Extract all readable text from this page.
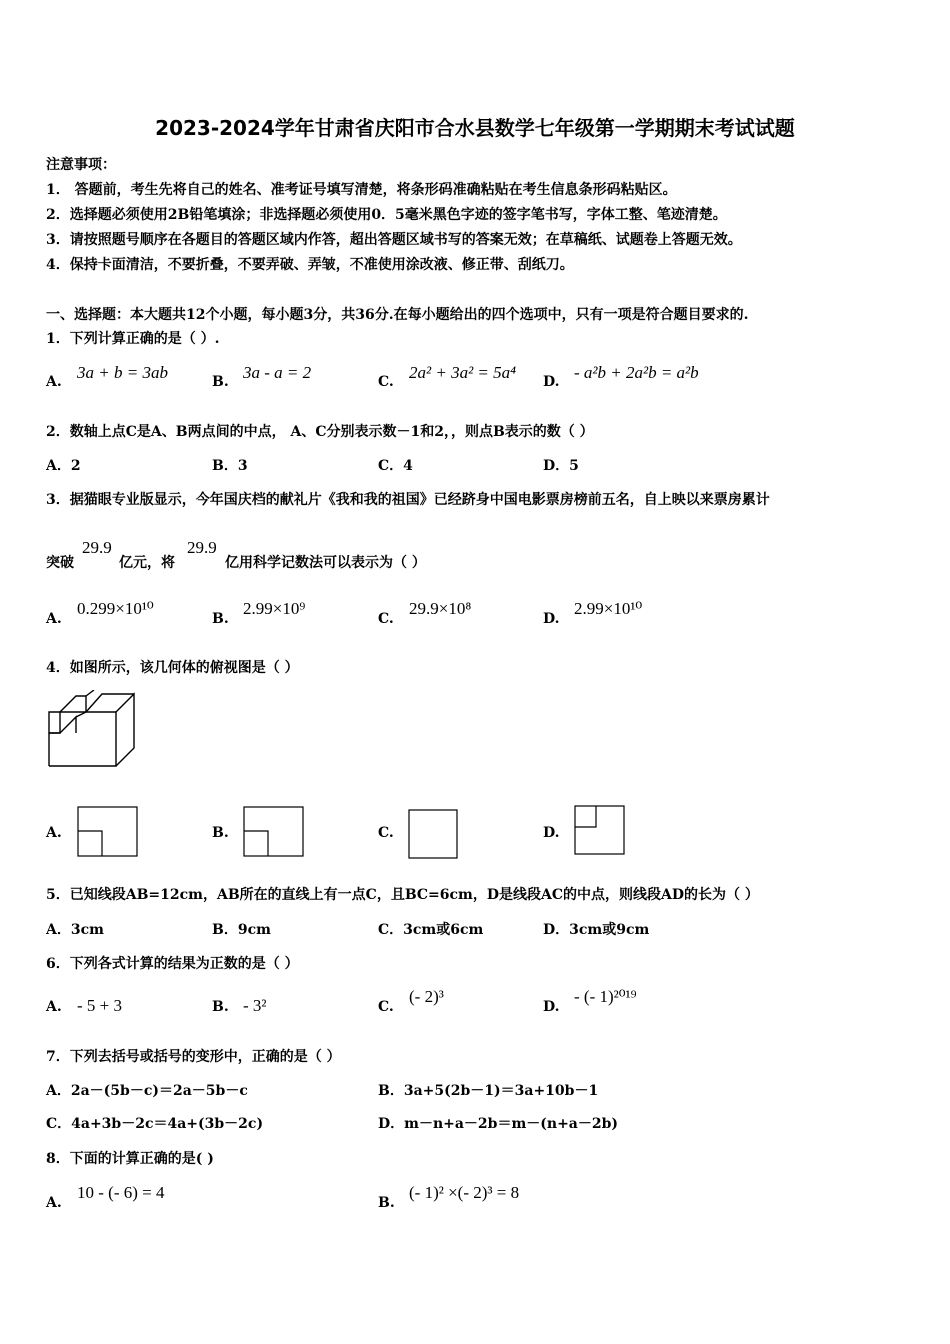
2023-2024学年甘肃省庆阳市合水县数学七年级第一学期期末考试试题
注意事项：
1． 答题前，考生先将自己的姓名、准考证号填写清楚，将条形码准确粘贴在考生信息条形码粘贴区。
2．选择题必须使用2B铅笔填涂；非选择题必须使用0．5毫米黑色字迹的签字笔书写，字体工整、笔迹清楚。
3．请按照题号顺序在各题目的答题区域内作答，超出答题区域书写的答案无效；在草稿纸、试题卷上答题无效。
4．保持卡面清洁，不要折叠，不要弄破、弄皱，不准使用涂改液、修正带、刮纸刀。
一、选择题：本大题共12个小题，每小题3分，共36分.在每小题给出的四个选项中，只有一项是符合题目要求的.
1．下列计算正确的是（ ）.
A. 3a + b = 3ab	B. 3a - a = 2	C. 2a² + 3a² = 5a⁴ D. - a²b + 2a²b = a²b
2．数轴上点C是A、B两点间的中点， A、C分别表示数－1和2，，则点B表示的数（ ）
A．2	B．3	C．4	D．5
3．据猫眼专业版显示，今年国庆档的献礼片《我和我的祖国》已经跻身中国电影票房榜前五名，自上映以来票房累计
突破
29.9
亿元，将
29.9
亿用科学记数法可以表示为（ ）
A.
0.299×10¹⁰
B.
2.99×10⁹
C.
29.9×10⁸
D.
2.99×10¹⁰
4．如图所示，该几何体的俯视图是（ ）
A.	B.	C.	D.
5．已知线段AB=12cm，AB所在的直线上有一点C，且BC=6cm，D是线段AC的中点，则线段AD的长为（ ）
A．3cm	B．9cm	C．3cm或6cm	D．3cm或9cm
6．下列各式计算的结果为正数的是（ ）
A. - 5 + 3	B. - 3²	C.
(- 2)³
D.
- (- 1)²⁰¹⁹
7．下列去括号或括号的变形中，正确的是（ ）
A．2a－(5b－c)＝2a－5b－c	B．3a+5(2b－1)＝3a+10b－1
C．4a+3b－2c＝4a+(3b－2c)	D．m－n+a－2b＝m－(n+a－2b)
8．下面的计算正确的是( )
A.
10 - (- 6) = 4
B.
(- 1)² ×(- 2)³ = 8
